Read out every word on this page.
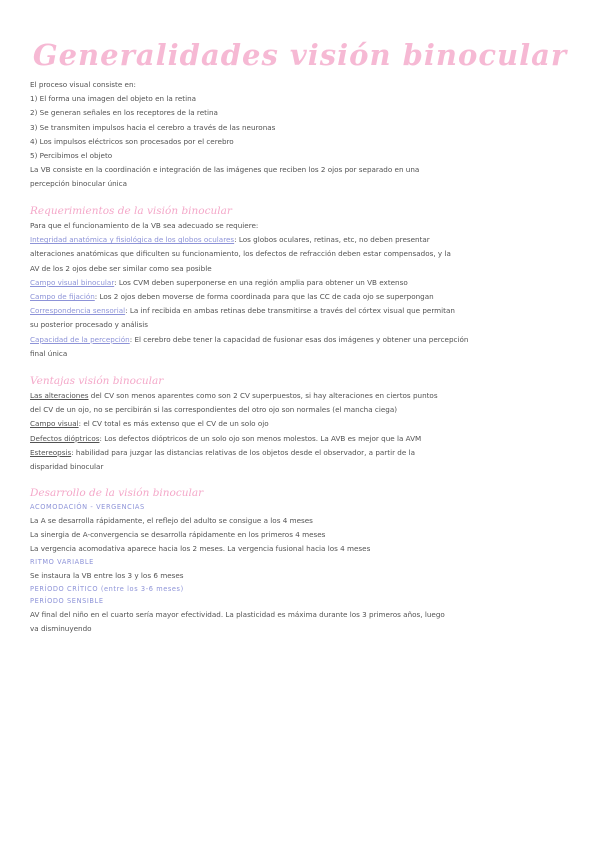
Generalidades visión binocular
El proceso visual consiste en:
1) El forma una imagen del objeto en la retina
2) Se generan señales en los receptores de la retina
3) Se transmiten impulsos hacia el cerebro a través de las neuronas
4) Los impulsos eléctricos son procesados por el cerebro
5) Percibimos el objeto
La VB consiste en la coordinación e integración de las imágenes que reciben los 2 ojos por separado en una
percepción binocular única
Requerimientos de la visión binocular
Para que el funcionamiento de la VB sea adecuado se requiere:
Integridad anatómica y fisiológica de los globos oculares: Los globos oculares, retinas, etc, no deben presentar
alteraciones anatómicas que dificulten su funcionamiento, los defectos de refracción deben estar compensados, y la
AV de los 2 ojos debe ser similar como sea posible
Campo visual binocular: Los CVM deben superponerse en una región amplia para obtener un VB extenso
Campo de fijación: Los 2 ojos deben moverse de forma coordinada para que las CC de cada ojo se superpongan
Correspondencia sensorial: La inf recibida en ambas retinas debe transmitirse a través del córtex visual que permitan
su posterior procesado y análisis
Capacidad de la percepción: El cerebro debe tener la capacidad de fusionar esas dos imágenes y obtener una percepción
final única
Ventajas visión binocular
Las alteraciones del CV son menos aparentes como son 2 CV superpuestos, si hay alteraciones en ciertos puntos
del CV de un ojo, no se percibirán si las correspondientes del otro ojo son normales (el mancha ciega)
Campo visual: el CV total es más extenso que el CV de un solo ojo
Defectos dióptricos: Los defectos dióptricos de un solo ojo son menos molestos. La AVB es mejor que la AVM
Estereopsis: habilidad para juzgar las distancias relativas de los objetos desde el observador, a partir de la
disparidad binocular
Desarrollo de la visión binocular
ACOMODACIÓN - VERGENCIAS
La A se desarrolla rápidamente, el reflejo del adulto se consigue a los 4 meses
La sinergia de A-convergencia se desarrolla rápidamente en los primeros 4 meses
La vergencia acomodativa aparece hacia los 2 meses. La vergencia fusional hacia los 4 meses
RITMO VARIABLE
Se instaura la VB entre los 3 y los 6 meses
PERÍODO CRÍTICO (entre los 3-6 meses)
PERÍODO SENSIBLE
AV final del niño en el cuarto sería mayor efectividad. La plasticidad es máxima durante los 3 primeros años, luego
va disminuyendo
